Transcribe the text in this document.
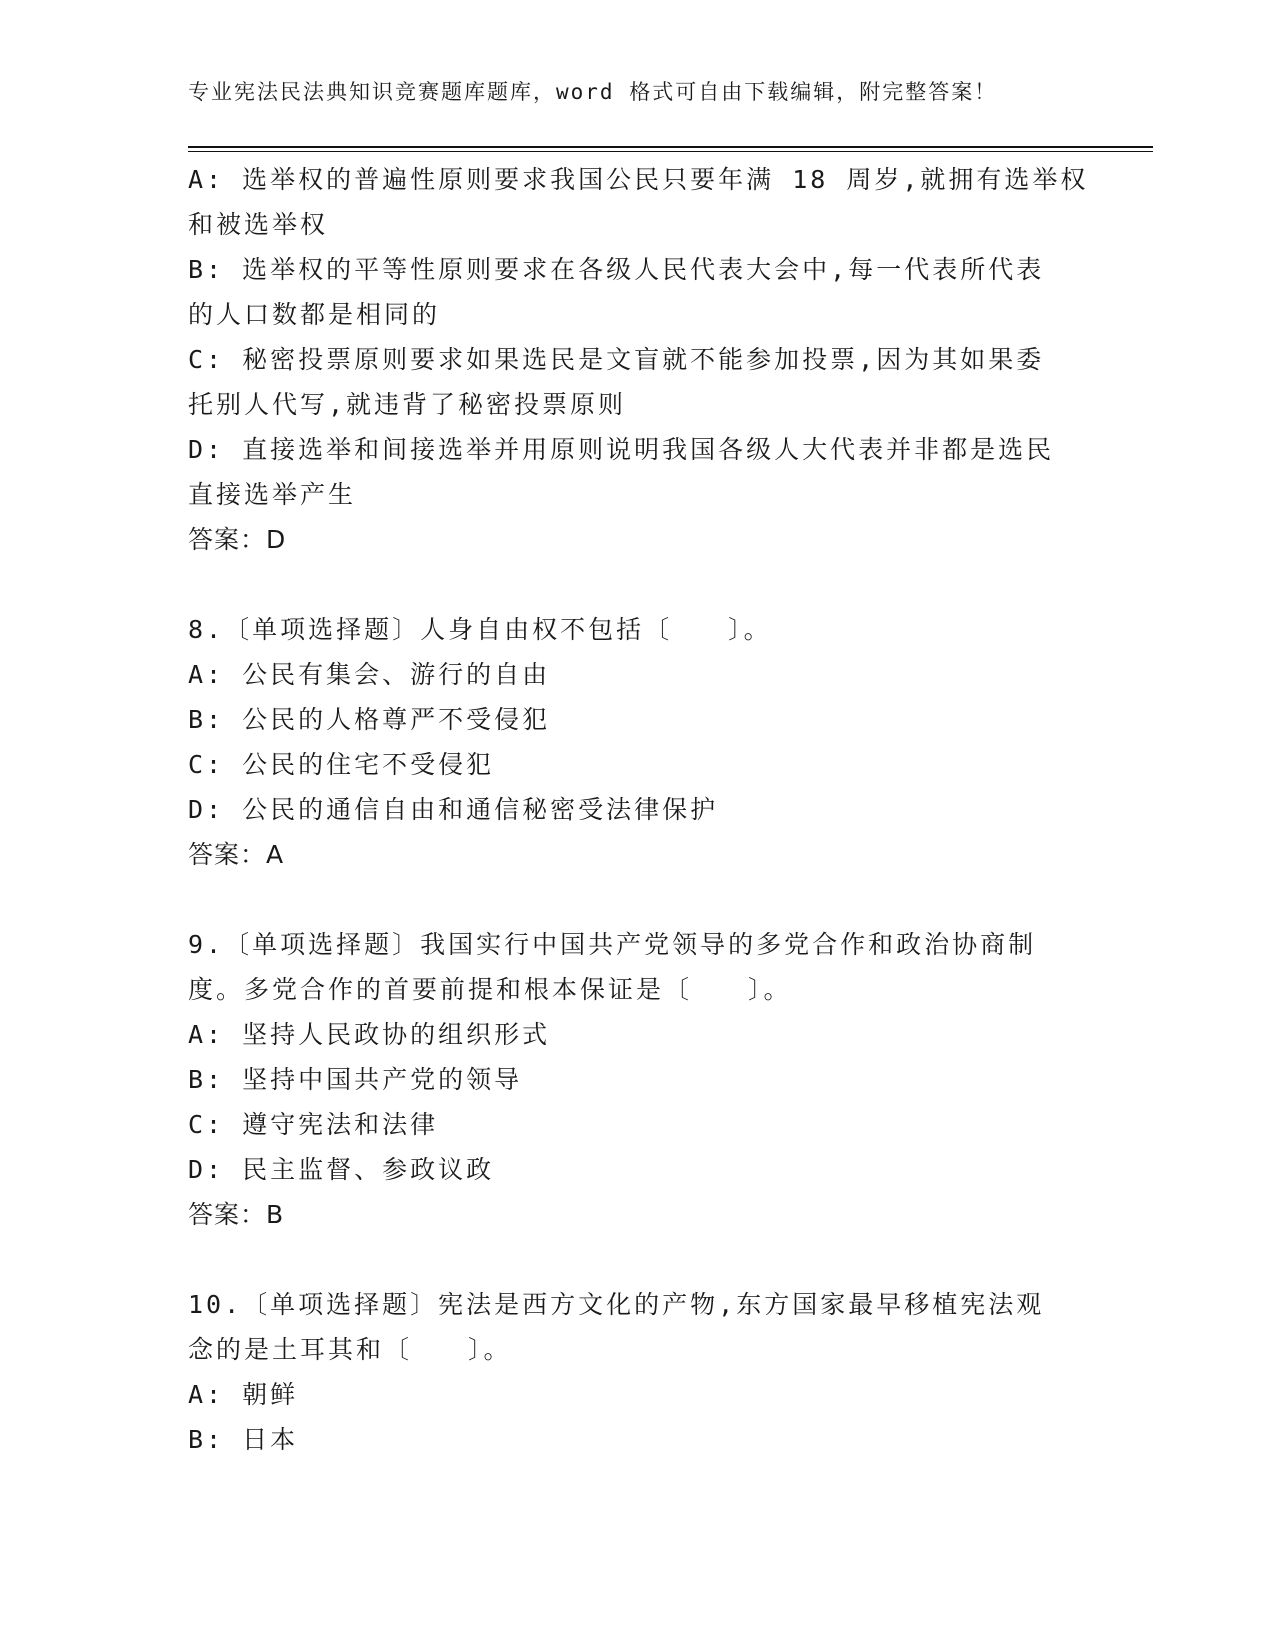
专业宪法民法典知识竞赛题库题库，word 格式可自由下载编辑，附完整答案！
A: 选举权的普遍性原则要求我国公民只要年满 18 周岁,就拥有选举权
和被选举权
B: 选举权的平等性原则要求在各级人民代表大会中,每一代表所代表
的人口数都是相同的
C: 秘密投票原则要求如果选民是文盲就不能参加投票,因为其如果委
托别人代写,就违背了秘密投票原则
D: 直接选举和间接选举并用原则说明我国各级人大代表并非都是选民
直接选举产生
答案：D
8.〔单项选择题〕人身自由权不包括〔　　〕。
A: 公民有集会、游行的自由
B: 公民的人格尊严不受侵犯
C: 公民的住宅不受侵犯
D: 公民的通信自由和通信秘密受法律保护
答案：A
9.〔单项选择题〕我国实行中国共产党领导的多党合作和政治协商制
度。多党合作的首要前提和根本保证是〔　　〕。
A: 坚持人民政协的组织形式
B: 坚持中国共产党的领导
C: 遵守宪法和法律
D: 民主监督、参政议政
答案：B
10.〔单项选择题〕宪法是西方文化的产物,东方国家最早移植宪法观
念的是土耳其和〔　　〕。
A: 朝鲜
B: 日本
